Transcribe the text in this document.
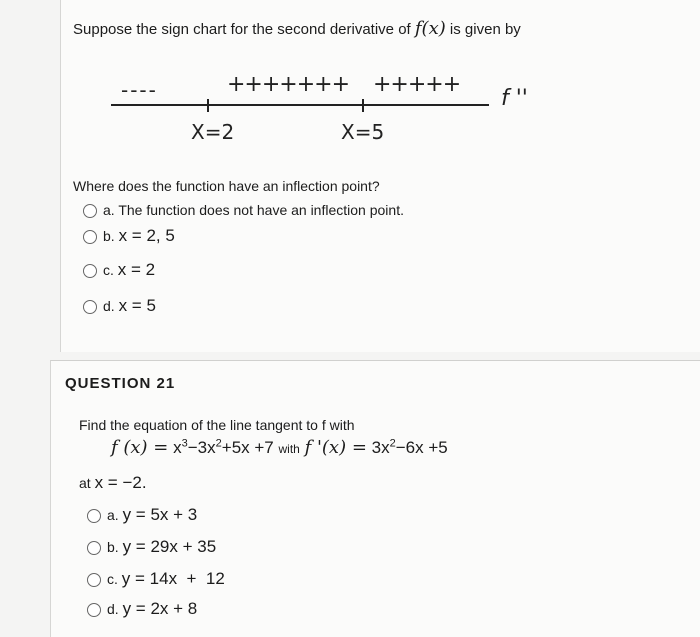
Suppose the sign chart for the second derivative of f(x) is given by
----	+++++++ +++++
f ''
X=2	X=5
Where does the function have an inflection point?
a. The function does not have an inflection point.
b. x = 2, 5
c. x = 2
d. x = 5
QUESTION 21
Find the equation of the line tangent to f with
f $(x) = x^3-3x^2+5x +7$ with f '$(x) = 3x^2-6x +5$
at x = −2.
a. y = 5x + 3
b. y = 29x + 35
c. y = 14x  +  12
d. y = 2x + 8
